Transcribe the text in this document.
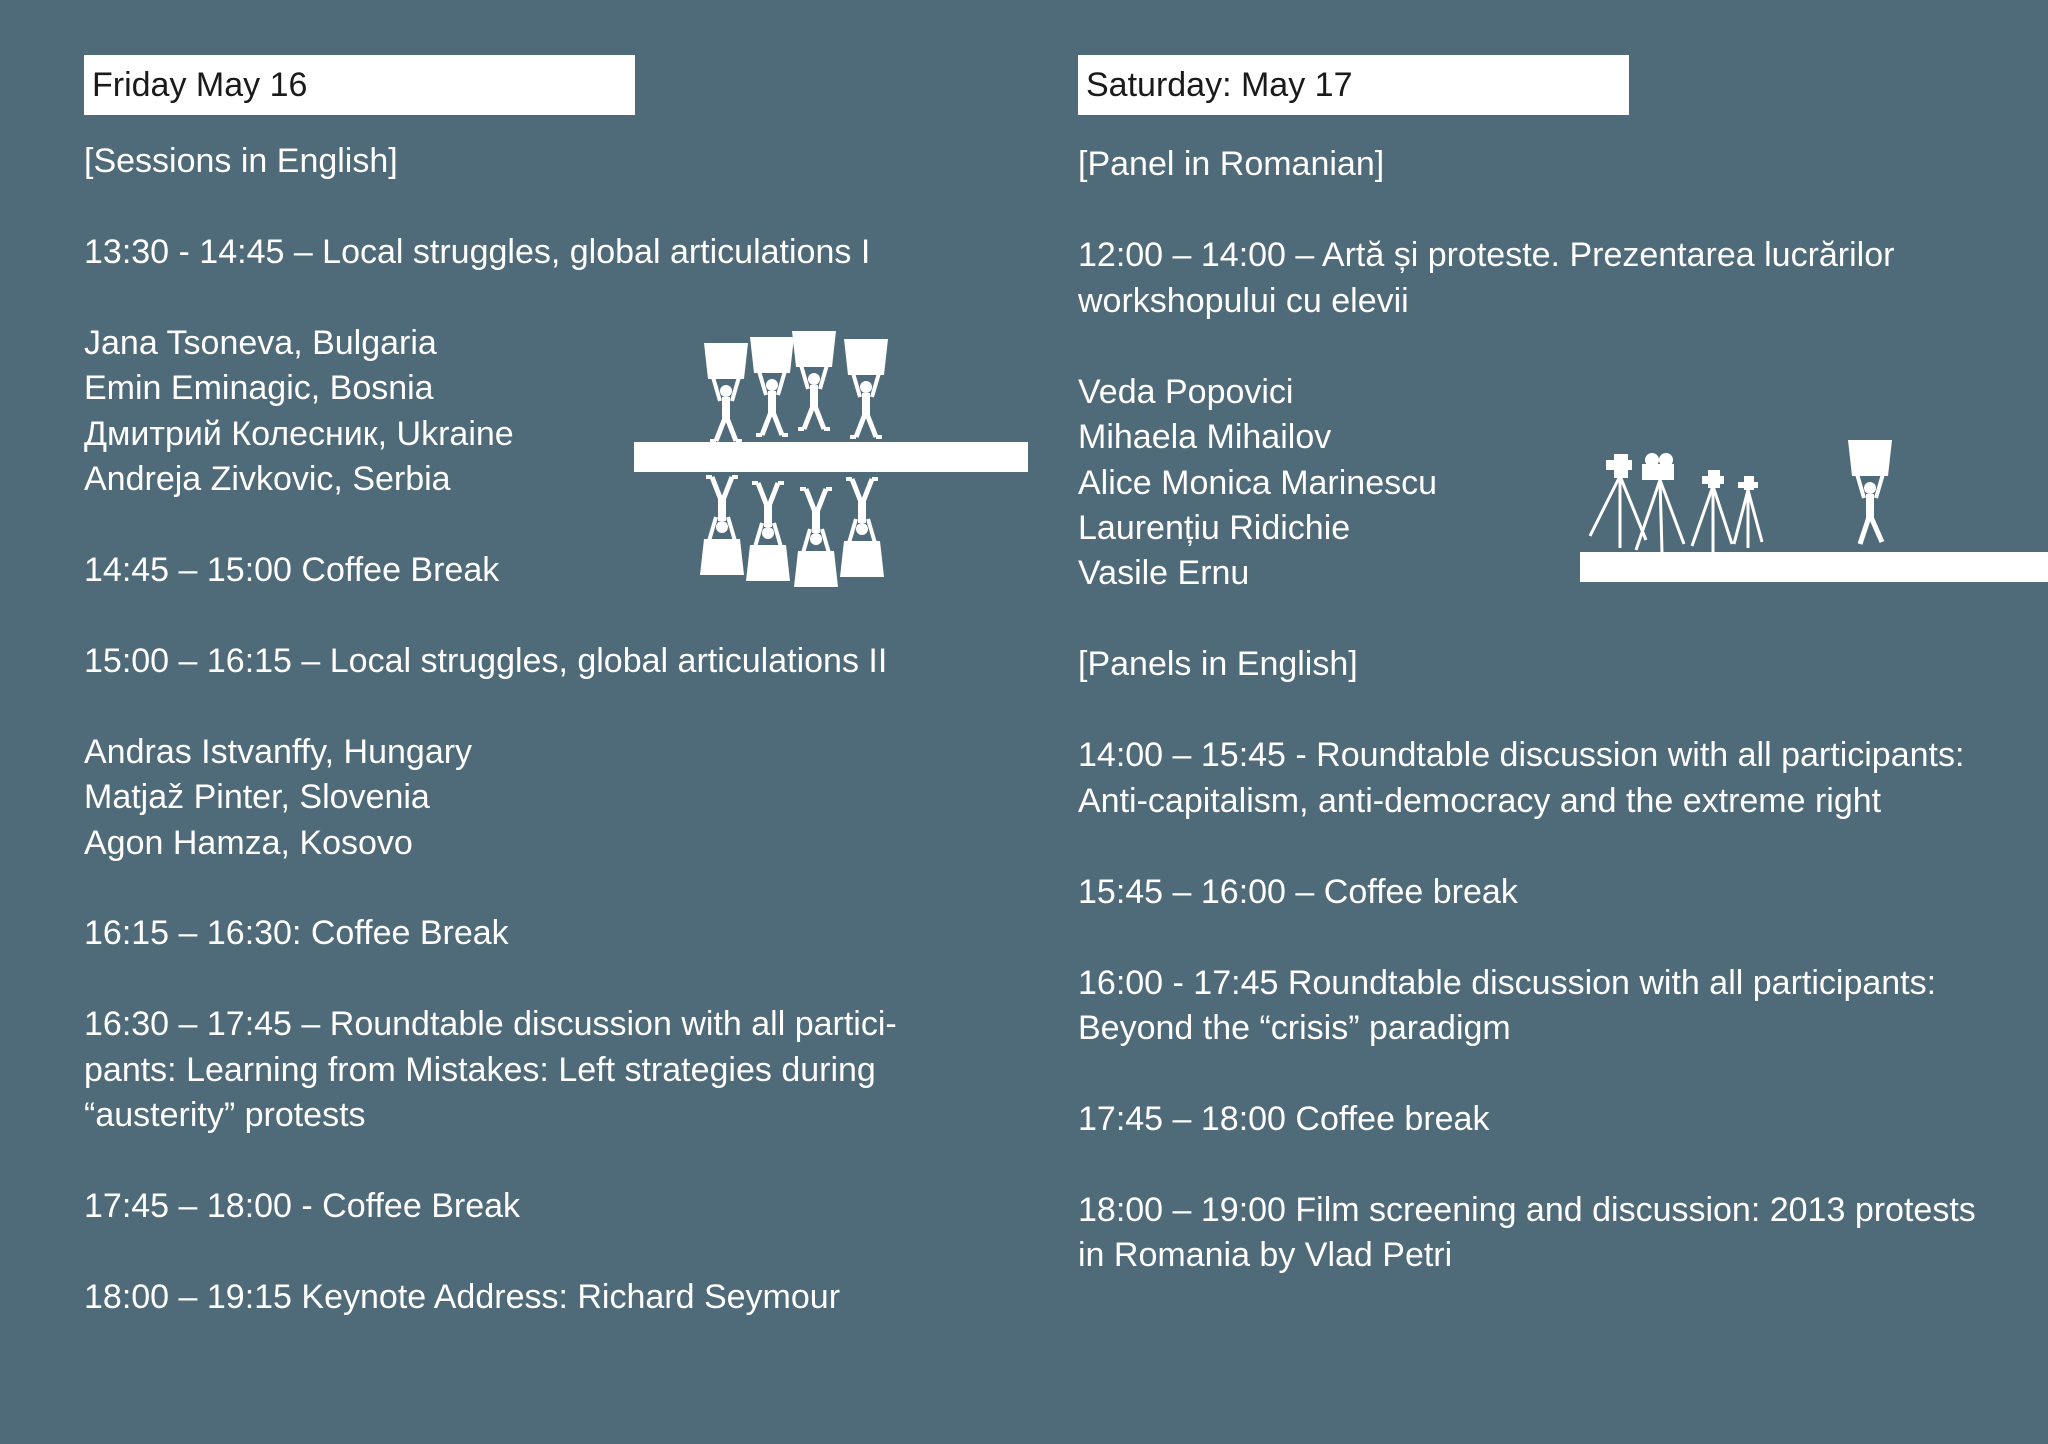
Friday May 16
[Sessions in English]
13:30 - 14:45 – Local struggles, global articulations I
Jana Tsoneva, Bulgaria
Emin Eminagic, Bosnia
Дмитрий Колесник, Ukraine
Andreja Zivkovic, Serbia
14:45 – 15:00 Coffee Break
15:00 – 16:15 – Local struggles, global articulations II
Andras Istvanffy, Hungary
Matjaž Pinter, Slovenia
Agon Hamza, Kosovo
16:15 – 16:30: Coffee Break
16:30 – 17:45 – Roundtable discussion with all partici-
pants: Learning from Mistakes: Left strategies during
“austerity” protests
17:45 – 18:00 - Coffee Break
18:00 – 19:15 Keynote Address: Richard Seymour
Saturday: May 17
[Panel in Romanian]
12:00 – 14:00 – Artă și proteste. Prezentarea lucrărilor
workshopului cu elevii
Veda Popovici
Mihaela Mihailov
Alice Monica Marinescu
Laurențiu Ridichie
Vasile Ernu
[Panels in English]
14:00 – 15:45 - Roundtable discussion with all participants:
Anti-capitalism, anti-democracy and the extreme right
15:45 – 16:00 – Coffee break
16:00 - 17:45 Roundtable discussion with all participants:
Beyond the “crisis” paradigm
17:45 – 18:00 Coffee break
18:00 – 19:00 Film screening and discussion: 2013 protests
in Romania by Vlad Petri
